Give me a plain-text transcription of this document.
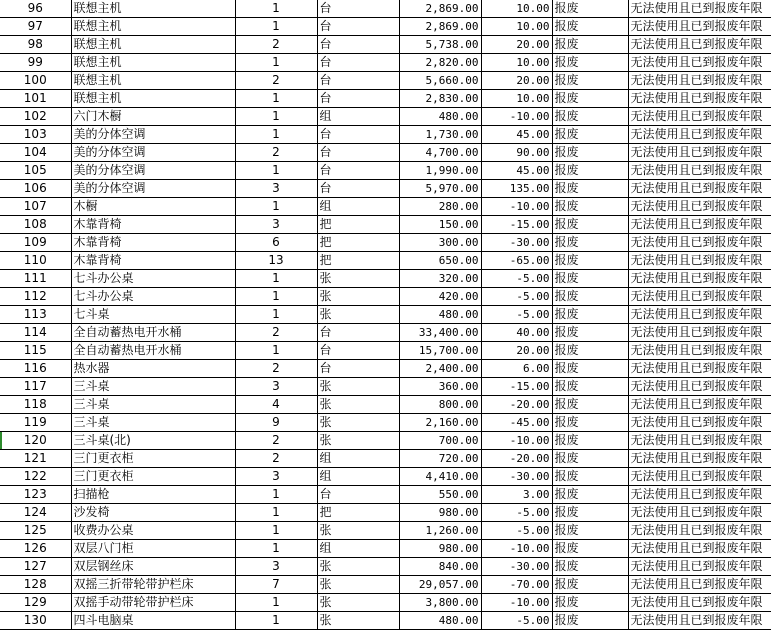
96	联想主机	1	台	2,869.00	10.00	报废	无法使用且已到报废年限
97	联想主机	1	台	2,869.00	10.00	报废	无法使用且已到报废年限
98	联想主机	2	台	5,738.00	20.00	报废	无法使用且已到报废年限
99	联想主机	1	台	2,820.00	10.00	报废	无法使用且已到报废年限
100	联想主机	2	台	5,660.00	20.00	报废	无法使用且已到报废年限
101	联想主机	1	台	2,830.00	10.00	报废	无法使用且已到报废年限
102	六门木橱	1	组	480.00	-10.00	报废	无法使用且已到报废年限
103	美的分体空调	1	台	1,730.00	45.00	报废	无法使用且已到报废年限
104	美的分体空调	2	台	4,700.00	90.00	报废	无法使用且已到报废年限
105	美的分体空调	1	台	1,990.00	45.00	报废	无法使用且已到报废年限
106	美的分体空调	3	台	5,970.00	135.00	报废	无法使用且已到报废年限
107	木橱	1	组	280.00	-10.00	报废	无法使用且已到报废年限
108	木靠背椅	3	把	150.00	-15.00	报废	无法使用且已到报废年限
109	木靠背椅	6	把	300.00	-30.00	报废	无法使用且已到报废年限
110	木靠背椅	13	把	650.00	-65.00	报废	无法使用且已到报废年限
111	七斗办公桌	1	张	320.00	-5.00	报废	无法使用且已到报废年限
112	七斗办公桌	1	张	420.00	-5.00	报废	无法使用且已到报废年限
113	七斗桌	1	张	480.00	-5.00	报废	无法使用且已到报废年限
114	全自动蓄热电开水桶	2	台	33,400.00	40.00	报废	无法使用且已到报废年限
115	全自动蓄热电开水桶	1	台	15,700.00	20.00	报废	无法使用且已到报废年限
116	热水器	2	台	2,400.00	6.00	报废	无法使用且已到报废年限
117	三斗桌	3	张	360.00	-15.00	报废	无法使用且已到报废年限
118	三斗桌	4	张	800.00	-20.00	报废	无法使用且已到报废年限
119	三斗桌	9	张	2,160.00	-45.00	报废	无法使用且已到报废年限
120	三斗桌(北)	2	张	700.00	-10.00	报废	无法使用且已到报废年限
121	三门更衣柜	2	组	720.00	-20.00	报废	无法使用且已到报废年限
122	三门更衣柜	3	组	4,410.00	-30.00	报废	无法使用且已到报废年限
123	扫描枪	1	台	550.00	3.00	报废	无法使用且已到报废年限
124	沙发椅	1	把	980.00	-5.00	报废	无法使用且已到报废年限
125	收费办公桌	1	张	1,260.00	-5.00	报废	无法使用且已到报废年限
126	双层八门柜	1	组	980.00	-10.00	报废	无法使用且已到报废年限
127	双层钢丝床	3	张	840.00	-30.00	报废	无法使用且已到报废年限
128	双摇三折带轮带护栏床	7	张	29,057.00	-70.00	报废	无法使用且已到报废年限
129	双摇手动带轮带护栏床	1	张	3,800.00	-10.00	报废	无法使用且已到报废年限
130	四斗电脑桌	1	张	480.00	-5.00	报废	无法使用且已到报废年限
